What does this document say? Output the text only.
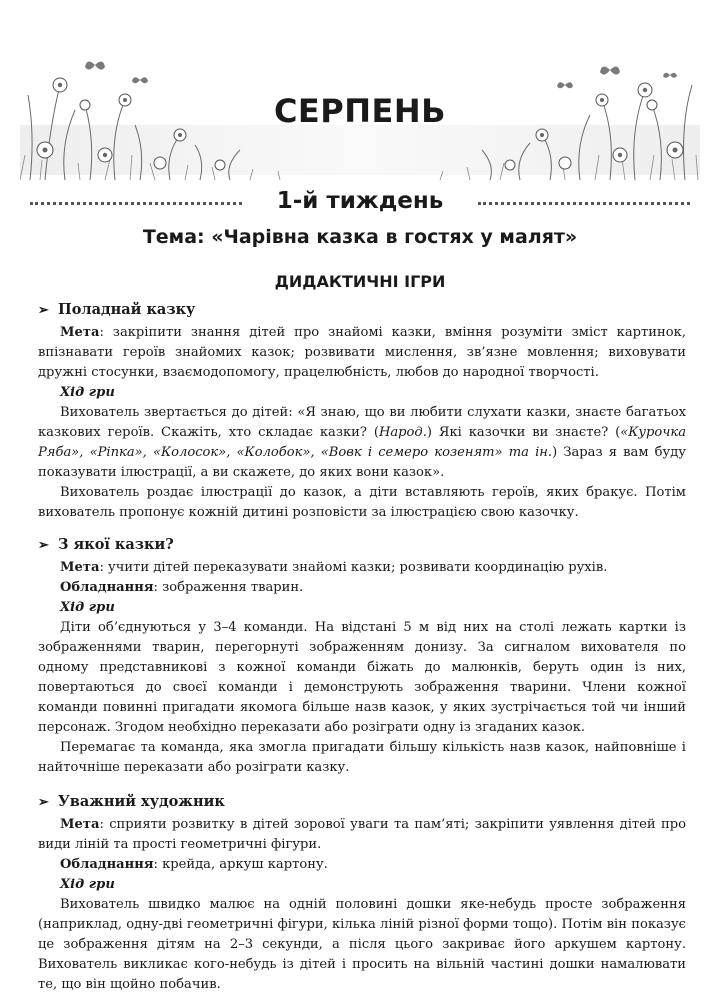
СЕРПЕНЬ
1-й тиждень
Тема: «Чарівна казка в гостях у малят»
ДИДАКТИЧНІ ІГРИ
➢ Поладнай казку

Мета: закріпити знання дітей про знайомі казки, вміння розуміти зміст картинок, впізнавати героїв знайомих казок; розвивати мислення, зв’язне мовлення; виховувати дружні стосунки, взаємодопомогу, працелюбність, любов до народної творчості.

Хід гри

Вихователь звертається до дітей: «Я знаю, що ви любити слухати казки, знаєте багатьох казкових героїв. Скажіть, хто складає казки? (Народ.) Які казочки ви знаєте? («Курочка Ряба», «Ріпка», «Колосок», «Колобок», «Вовк і семеро козенят» та ін.) Зараз я вам буду показувати ілюстрації, а ви скажете, до яких вони казок».

Вихователь роздає ілюстрації до казок, а діти вставляють героїв, яких бракує. Потім вихователь пропонує кожній дитині розповісти за ілюстрацією свою казочку.

➢ З якої казки?

Мета: учити дітей переказувати знайомі казки; розвивати координацію рухів.

Обладнання: зображення тварин.

Хід гри

Діти об’єднуються у 3–4 команди. На відстані 5 м від них на столі лежать картки із зображеннями тварин, перегорнуті зображенням донизу. За сигналом вихователя по одному представникові з кожної команди біжать до малюнків, беруть один із них, повертаються до своєї команди і демонструють зображення тварини. Члени кожної команди повинні пригадати якомога більше назв казок, у яких зустрічається той чи інший персонаж. Згодом необхідно переказати або розіграти одну із згаданих казок.

Перемагає та команда, яка змогла пригадати більшу кількість назв казок, найповніше і найточніше переказати або розіграти казку.

➢ Уважний художник

Мета: сприяти розвитку в дітей зорової уваги та пам’яті; закріпити уявлення дітей про види ліній та прості геометричні фігури.

Обладнання: крейда, аркуш картону.

Хід гри

Вихователь швидко малює на одній половині дошки яке-небудь просте зображення (наприклад, одну-дві геометричні фігури, кілька ліній різної форми тощо). Потім він показує це зображення дітям на 2–3 секунди, а після цього закриває його аркушем картону. Вихователь викликає кого-небудь із дітей і просить на вільній частині дошки намалювати те, що він щойно побачив.
